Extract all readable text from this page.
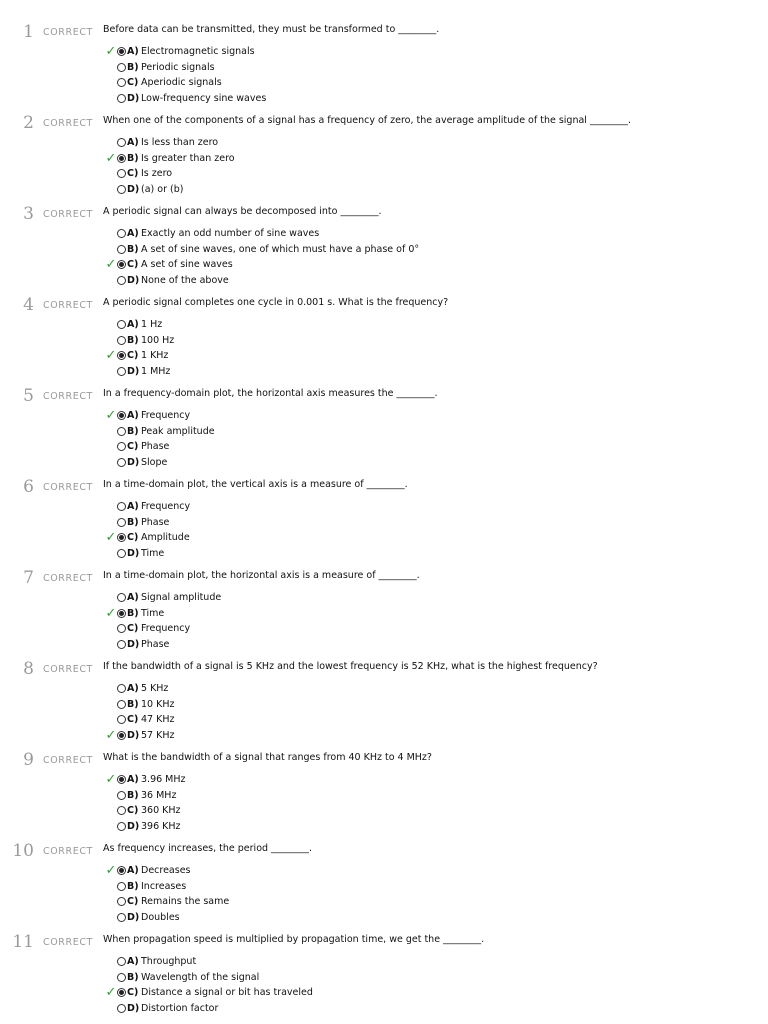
1 CORRECT Before data can be transmitted, they must be transformed to ________.
✓ A) Electromagnetic signals
B) Periodic signals
C) Aperiodic signals
D) Low-frequency sine waves
2 CORRECT When one of the components of a signal has a frequency of zero, the average amplitude of the signal ________.
A) Is less than zero
✓ B) Is greater than zero
C) Is zero
D) (a) or (b)
3 CORRECT A periodic signal can always be decomposed into ________.
A) Exactly an odd number of sine waves
B) A set of sine waves, one of which must have a phase of 0°
✓ C) A set of sine waves
D) None of the above
4 CORRECT A periodic signal completes one cycle in 0.001 s. What is the frequency?
A) 1 Hz
B) 100 Hz
✓ C) 1 KHz
D) 1 MHz
5 CORRECT In a frequency-domain plot, the horizontal axis measures the ________.
✓ A) Frequency
B) Peak amplitude
C) Phase
D) Slope
6 CORRECT In a time-domain plot, the vertical axis is a measure of ________.
A) Frequency
B) Phase
✓ C) Amplitude
D) Time
7 CORRECT In a time-domain plot, the horizontal axis is a measure of ________.
A) Signal amplitude
✓ B) Time
C) Frequency
D) Phase
8 CORRECT If the bandwidth of a signal is 5 KHz and the lowest frequency is 52 KHz, what is the highest frequency?
A) 5 KHz
B) 10 KHz
C) 47 KHz
✓ D) 57 KHz
9 CORRECT What is the bandwidth of a signal that ranges from 40 KHz to 4 MHz?
✓ A) 3.96 MHz
B) 36 MHz
C) 360 KHz
D) 396 KHz
10 CORRECT As frequency increases, the period ________.
✓ A) Decreases
B) Increases
C) Remains the same
D) Doubles
11 CORRECT When propagation speed is multiplied by propagation time, we get the ________.
A) Throughput
B) Wavelength of the signal
✓ C) Distance a signal or bit has traveled
D) Distortion factor
